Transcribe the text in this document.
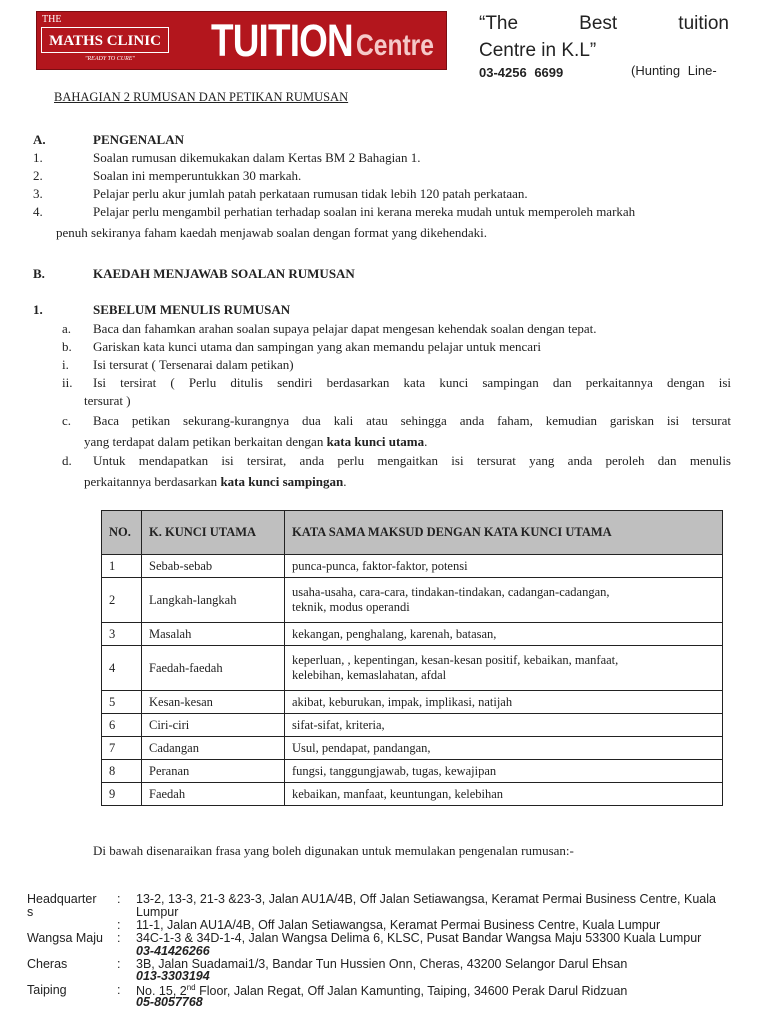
THE
MATHS CLINIC
"READY TO CURE" TUITION Centre
“The Best tuition
Centre in K.L”
03-4256 6699	(Hunting Line-
BAHAGIAN 2 RUMUSAN DAN PETIKAN RUMUSAN
A.	PENGENALAN
1.	Soalan rumusan dikemukakan dalam Kertas BM 2 Bahagian 1.
2.	Soalan ini memperuntukkan 30 markah.
3.	Pelajar perlu akur jumlah patah perkataan rumusan tidak lebih 120 patah perkataan.
4.	Pelajar perlu mengambil perhatian terhadap soalan ini kerana mereka mudah untuk memperoleh markah
penuh sekiranya faham kaedah menjawab soalan dengan format yang dikehendaki.
B.	KAEDAH MENJAWAB SOALAN RUMUSAN
1.	SEBELUM MENULIS RUMUSAN
a. Baca dan fahamkan arahan soalan supaya pelajar dapat mengesan kehendak soalan dengan tepat.
b. Gariskan kata kunci utama dan sampingan yang akan memandu pelajar untuk mencari
i. Isi tersurat ( Tersenarai dalam petikan)
ii. Isi tersirat ( Perlu ditulis sendiri berdasarkan kata kunci sampingan dan perkaitannya dengan isi
tersurat )
c. Baca petikan sekurang-kurangnya dua kali atau sehingga anda faham, kemudian gariskan isi tersurat
yang terdapat dalam petikan berkaitan dengan kata kunci utama.
d. Untuk mendapatkan isi tersirat, anda perlu mengaitkan isi tersurat yang anda peroleh dan menulis
perkaitannya berdasarkan kata kunci sampingan.
NO.	K. KUNCI UTAMA	KATA SAMA MAKSUD DENGAN KATA KUNCI UTAMA
1	Sebab-sebab	punca-punca, faktor-faktor, potensi
2	Langkah-langkah	usaha-usaha, cara-cara, tindakan-tindakan, cadangan-cadangan,
teknik, modus operandi

3	Masalah	kekangan, penghalang, karenah, batasan,
4	Faedah-faedah	keperluan, , kepentingan, kesan-kesan positif, kebaikan, manfaat,
kelebihan, kemaslahatan, afdal

5	Kesan-kesan	akibat, keburukan, impak, implikasi, natijah
6	Ciri-ciri	sifat-sifat, kriteria,
7	Cadangan	Usul, pendapat, pandangan,
8	Peranan	fungsi, tanggungjawab, tugas, kewajipan
9	Faedah	kebaikan, manfaat, keuntungan, kelebihan
Di bawah disenaraikan frasa yang boleh digunakan untuk memulakan pengenalan rumusan:-
Headquarter
s
: 13-2, 13-3, 21-3 &23-3, Jalan AU1A/4B, Off Jalan Setiawangsa, Keramat Permai Business Centre, Kuala
Lumpur
: 11-1, Jalan AU1A/4B, Off Jalan Setiawangsa, Keramat Permai Business Centre, Kuala Lumpur
Wangsa Maju : 34C-1-3 & 34D-1-4, Jalan Wangsa Delima 6, KLSC, Pusat Bandar Wangsa Maju 53300 Kuala Lumpur
03-41426266
Cheras	: 3B, Jalan Suadamai1/3, Bandar Tun Hussien Onn, Cheras, 43200 Selangor Darul Ehsan
013-3303194
Taiping	: No. 15, 2nd Floor, Jalan Regat, Off Jalan Kamunting, Taiping, 34600 Perak Darul Ridzuan
05-8057768
